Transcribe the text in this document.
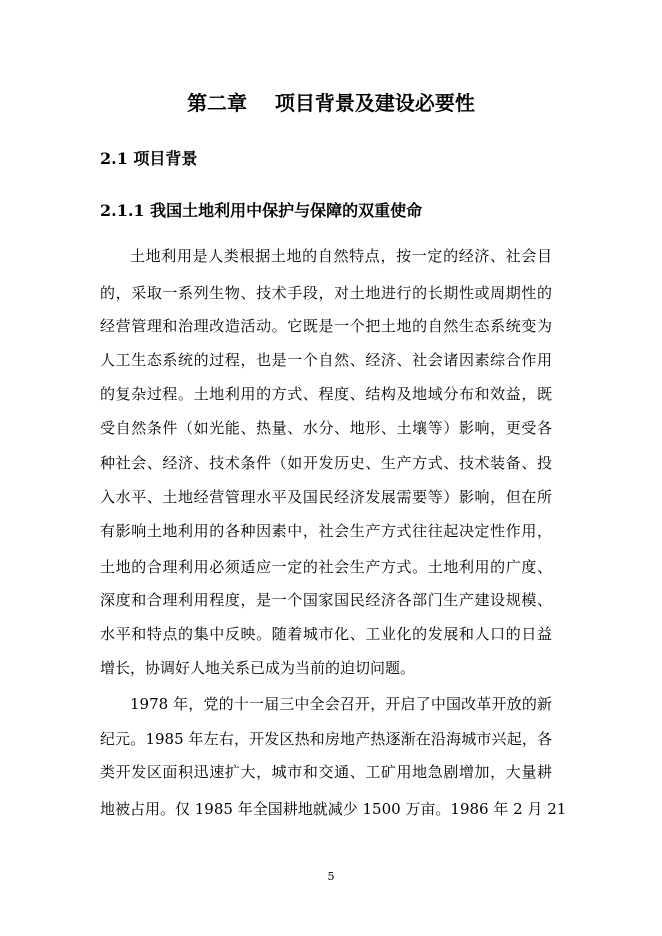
第二章    项目背景及建设必要性
2.1 项目背景
2.1.1 我国土地利用中保护与保障的双重使命
土地利用是人类根据土地的自然特点，按一定的经济、社会目
的，采取一系列生物、技术手段，对土地进行的长期性或周期性的
经营管理和治理改造活动。它既是一个把土地的自然生态系统变为
人工生态系统的过程，也是一个自然、经济、社会诸因素综合作用
的复杂过程。土地利用的方式、程度、结构及地域分布和效益，既
受自然条件（如光能、热量、水分、地形、土壤等）影响，更受各
种社会、经济、技术条件（如开发历史、生产方式、技术装备、投
入水平、土地经营管理水平及国民经济发展需要等）影响，但在所
有影响土地利用的各种因素中，社会生产方式往往起决定性作用，
土地的合理利用必须适应一定的社会生产方式。土地利用的广度、
深度和合理利用程度，是一个国家国民经济各部门生产建设规模、
水平和特点的集中反映。随着城市化、工业化的发展和人口的日益
增长，协调好人地关系已成为当前的迫切问题。
1978 年，党的十一届三中全会召开，开启了中国改革开放的新
纪元。1985 年左右，开发区热和房地产热逐渐在沿海城市兴起，各
类开发区面积迅速扩大，城市和交通、工矿用地急剧增加，大量耕
地被占用。仅 1985 年全国耕地就减少 1500 万亩。1986 年 2 月 21
5
